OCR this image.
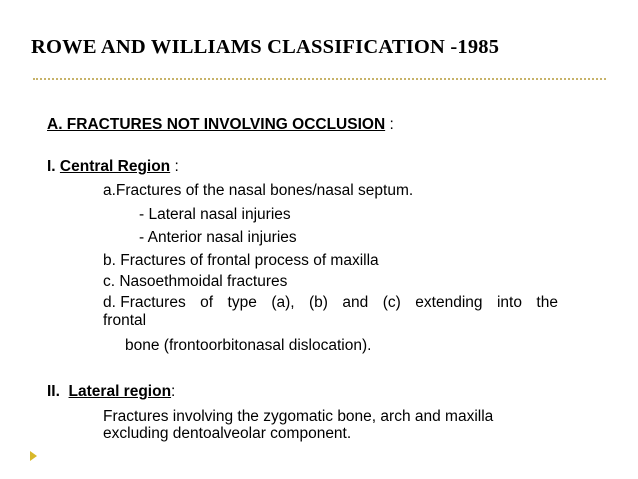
ROWE AND WILLIAMS CLASSIFICATION -1985
A. FRACTURES NOT INVOLVING OCCLUSION :
I. Central Region :
a.Fractures of the nasal bones/nasal septum.
- Lateral nasal injuries
- Anterior nasal injuries
b. Fractures of frontal process of maxilla
c. Nasoethmoidal fractures
d. Fractures of type (a), (b) and (c) extending into the
frontal
bone (frontoorbitonasal dislocation).
II.  Lateral region:
Fractures involving the zygomatic bone, arch and maxilla
excluding dentoalveolar component.
